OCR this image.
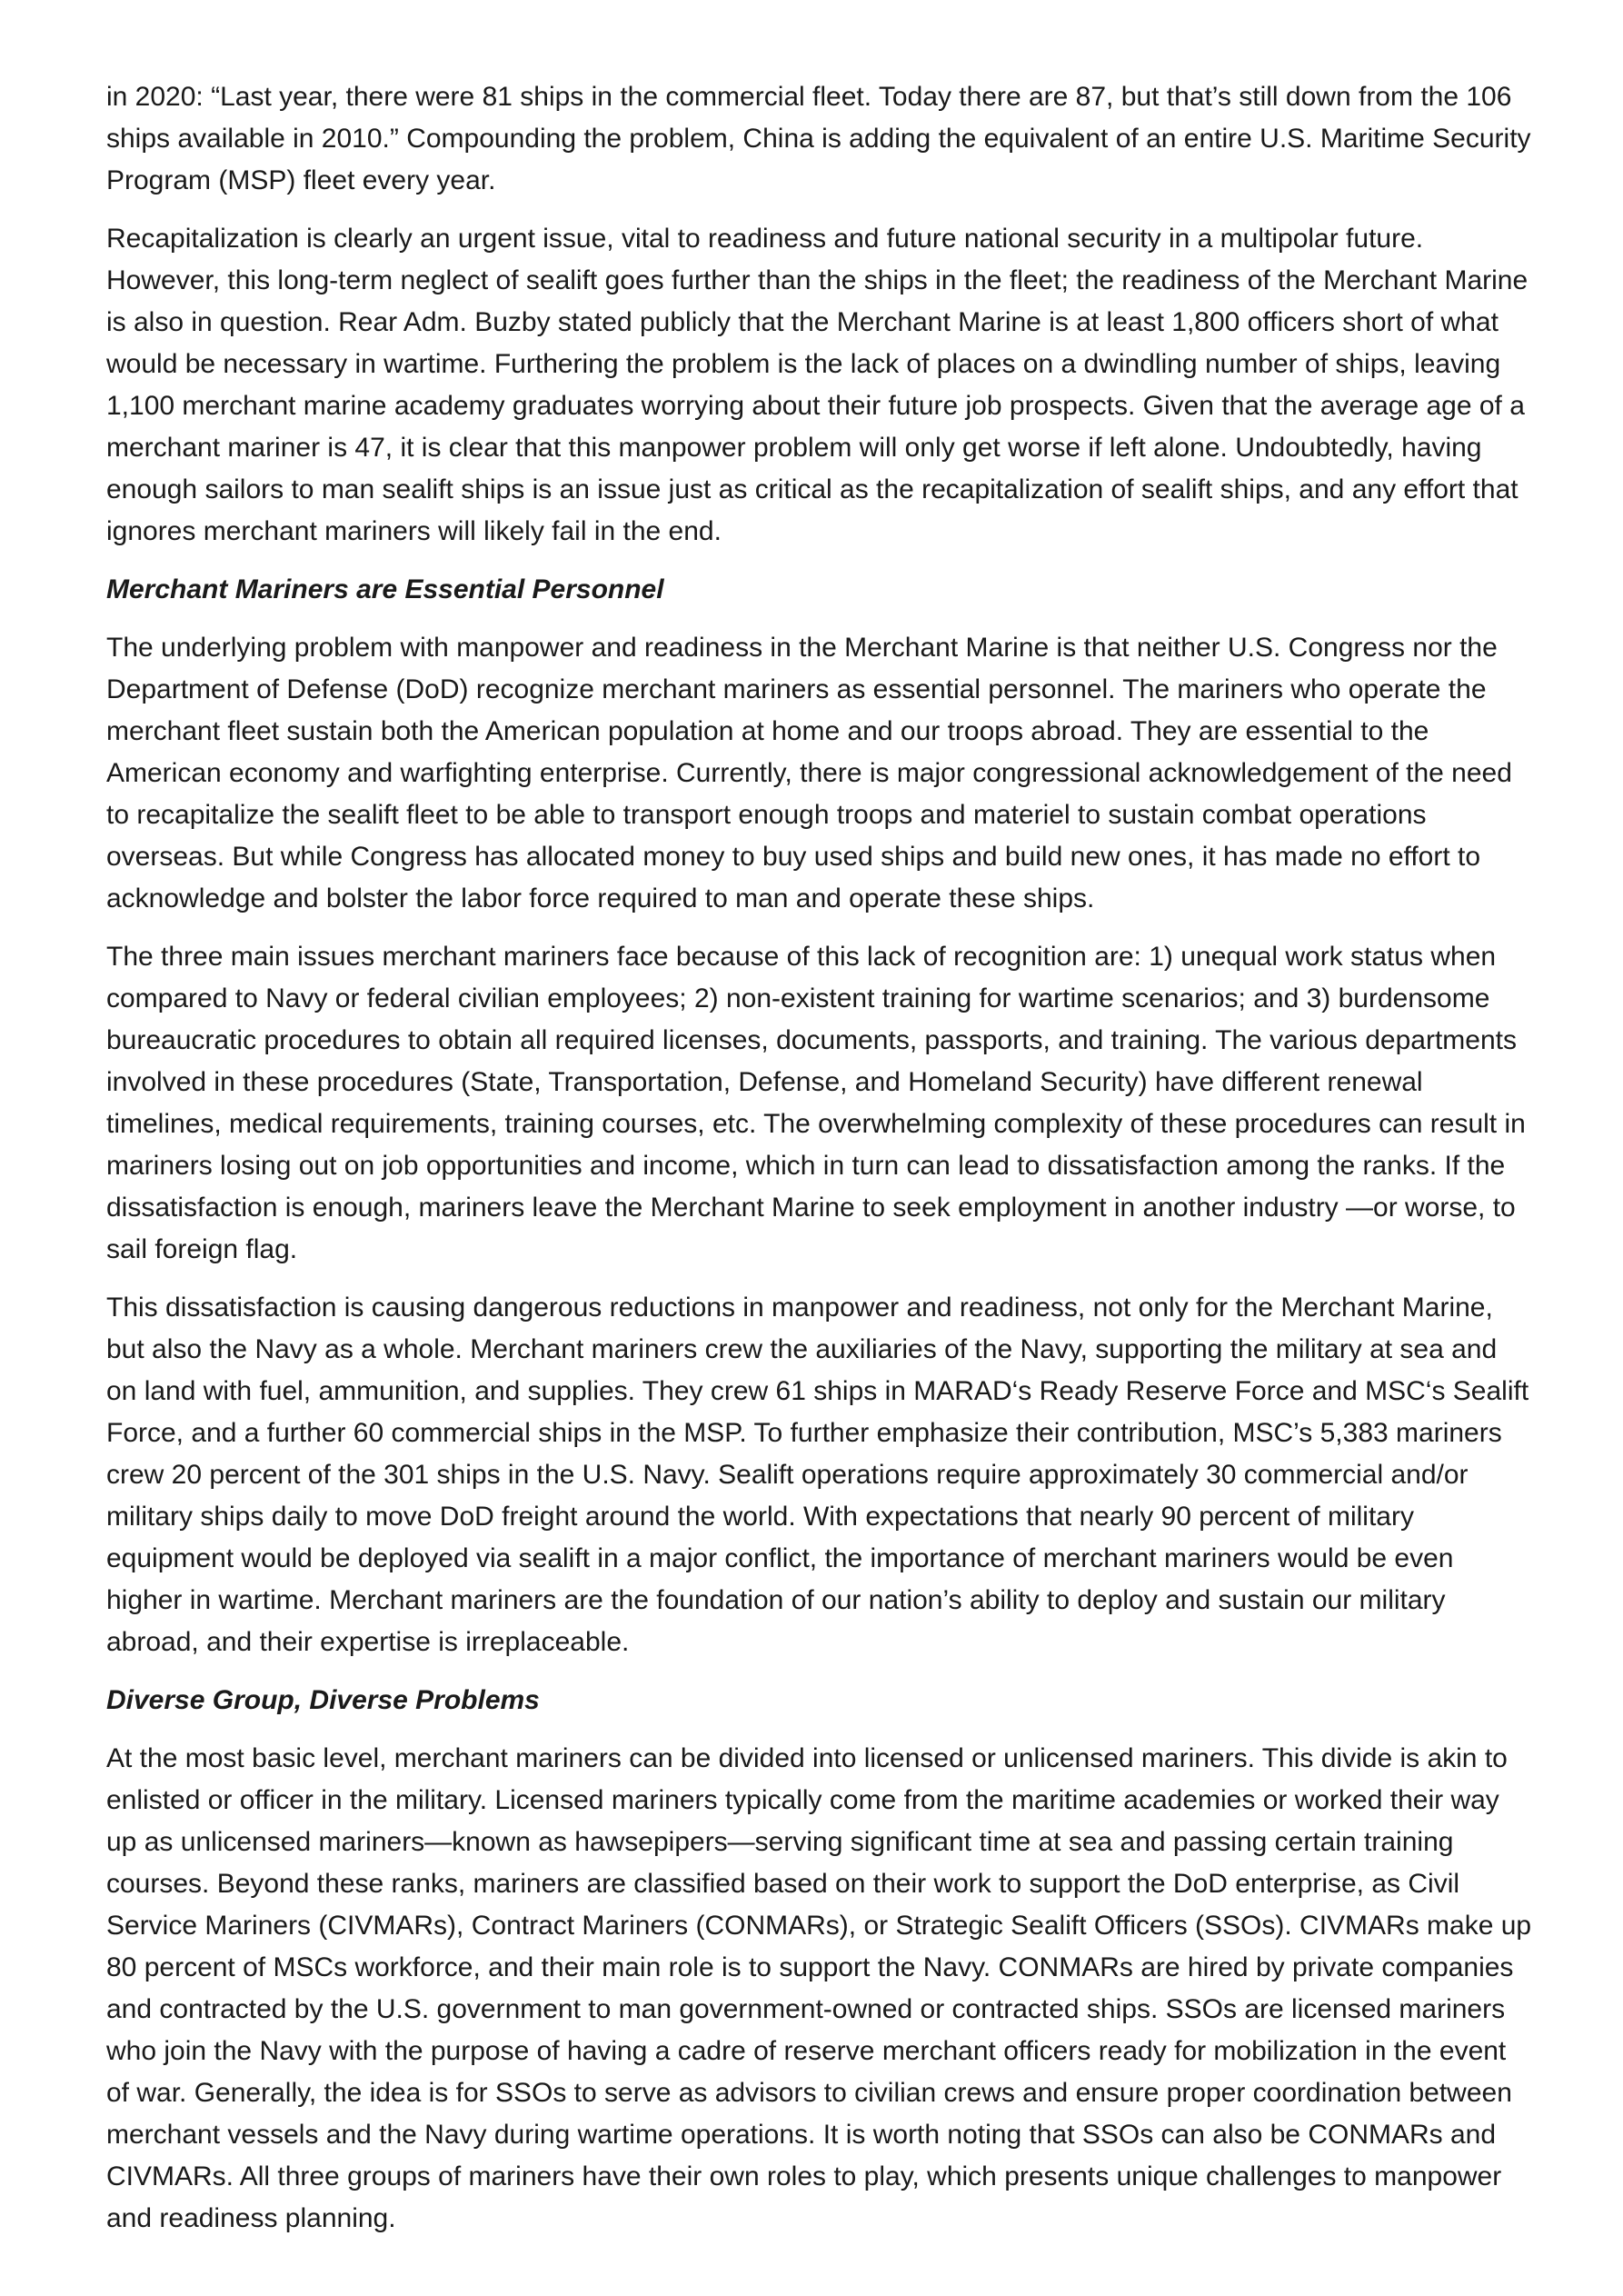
in 2020: “Last year, there were 81 ships in the commercial fleet. Today there are 87, but that’s still down from the 106 ships available in 2010.” Compounding the problem, China is adding the equivalent of an entire U.S. Maritime Security Program (MSP) fleet every year.

Recapitalization is clearly an urgent issue, vital to readiness and future national security in a multipolar future. However, this long-term neglect of sealift goes further than the ships in the fleet; the readiness of the Merchant Marine is also in question. Rear Adm. Buzby stated publicly that the Merchant Marine is at least 1,800 officers short of what would be necessary in wartime. Furthering the problem is the lack of places on a dwindling number of ships, leaving 1,100 merchant marine academy graduates worrying about their future job prospects. Given that the average age of a merchant mariner is 47, it is clear that this manpower problem will only get worse if left alone. Undoubtedly, having enough sailors to man sealift ships is an issue just as critical as the recapitalization of sealift ships, and any effort that ignores merchant mariners will likely fail in the end.

Merchant Mariners are Essential Personnel

The underlying problem with manpower and readiness in the Merchant Marine is that neither U.S. Congress nor the Department of Defense (DoD) recognize merchant mariners as essential personnel. The mariners who operate the merchant fleet sustain both the American population at home and our troops abroad. They are essential to the American economy and warfighting enterprise. Currently, there is major congressional acknowledgement of the need to recapitalize the sealift fleet to be able to transport enough troops and materiel to sustain combat operations overseas. But while Congress has allocated money to buy used ships and build new ones, it has made no effort to acknowledge and bolster the labor force required to man and operate these ships.

The three main issues merchant mariners face because of this lack of recognition are: 1) unequal work status when compared to Navy or federal civilian employees; 2) non-existent training for wartime scenarios; and 3) burdensome bureaucratic procedures to obtain all required licenses, documents, passports, and training. The various departments involved in these procedures (State, Transportation, Defense, and Homeland Security) have different renewal timelines, medical requirements, training courses, etc. The overwhelming complexity of these procedures can result in mariners losing out on job opportunities and income, which in turn can lead to dissatisfaction among the ranks. If the dissatisfaction is enough, mariners leave the Merchant Marine to seek employment in another industry —or worse, to sail foreign flag.

This dissatisfaction is causing dangerous reductions in manpower and readiness, not only for the Merchant Marine, but also the Navy as a whole. Merchant mariners crew the auxiliaries of the Navy, supporting the military at sea and on land with fuel, ammunition, and supplies. They crew 61 ships in MARAD‘s Ready Reserve Force and MSC‘s Sealift Force, and a further 60 commercial ships in the MSP. To further emphasize their contribution, MSC’s 5,383 mariners crew 20 percent of the 301 ships in the U.S. Navy. Sealift operations require approximately 30 commercial and/or military ships daily to move DoD freight around the world. With expectations that nearly 90 percent of military equipment would be deployed via sealift in a major conflict, the importance of merchant mariners would be even higher in wartime. Merchant mariners are the foundation of our nation’s ability to deploy and sustain our military abroad, and their expertise is irreplaceable.

Diverse Group, Diverse Problems

At the most basic level, merchant mariners can be divided into licensed or unlicensed mariners. This divide is akin to enlisted or officer in the military. Licensed mariners typically come from the maritime academies or worked their way up as unlicensed mariners—known as hawsepipers—serving significant time at sea and passing certain training courses. Beyond these ranks, mariners are classified based on their work to support the DoD enterprise, as Civil Service Mariners (CIVMARs), Contract Mariners (CONMARs), or Strategic Sealift Officers (SSOs). CIVMARs make up 80 percent of MSCs workforce, and their main role is to support the Navy. CONMARs are hired by private companies and contracted by the U.S. government to man government-owned or contracted ships. SSOs are licensed mariners who join the Navy with the purpose of having a cadre of reserve merchant officers ready for mobilization in the event of war. Generally, the idea is for SSOs to serve as advisors to civilian crews and ensure proper coordination between merchant vessels and the Navy during wartime operations. It is worth noting that SSOs can also be CONMARs and CIVMARs. All three groups of mariners have their own roles to play, which presents unique challenges to manpower and readiness planning.
